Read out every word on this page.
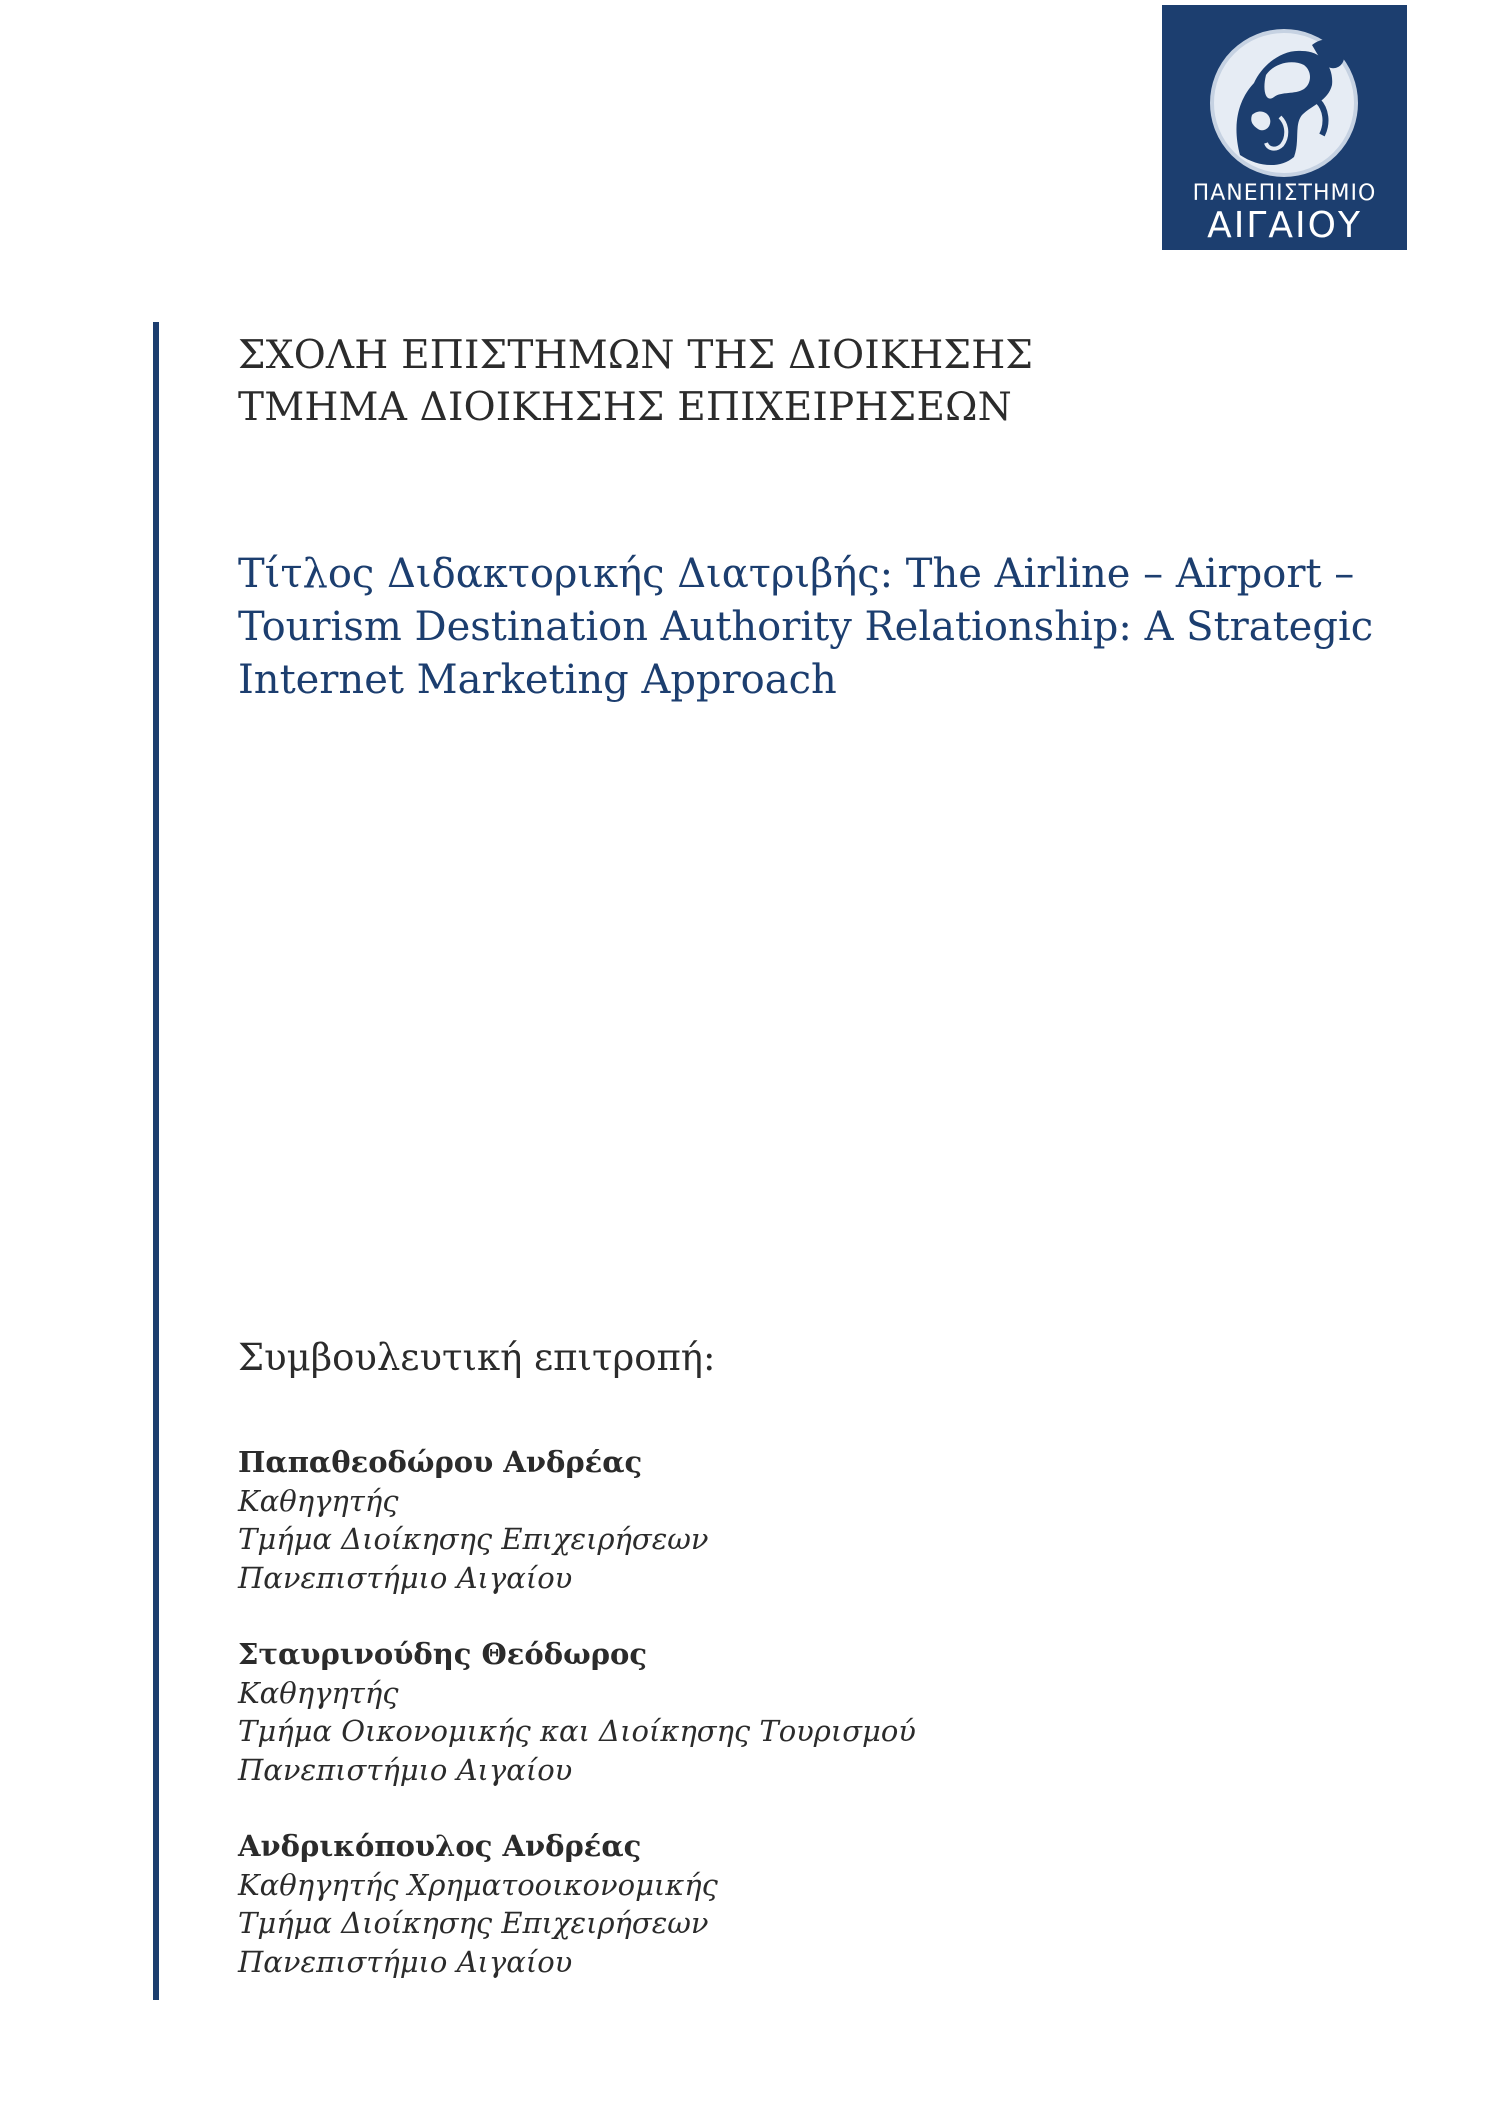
ΠΑΝΕΠΙΣΤΗΜΙΟ
ΑΙΓΑΙΟΥ
ΣΧΟΛΗ ΕΠΙΣΤΗΜΩΝ ΤΗΣ ΔΙΟΙΚΗΣΗΣ
ΤΜΗΜΑ ΔΙΟΙΚΗΣΗΣ ΕΠΙΧΕΙΡΗΣΕΩΝ
Τίτλος Διδακτορικής Διατριβής: The Airline – Airport – Tourism Destination Authority Relationship: A Strategic Internet Marketing Approach
Συμβουλευτική επιτροπή:
Παπαθεοδώρου Ανδρέας
Καθηγητής
Τμήμα Διοίκησης Επιχειρήσεων
Πανεπιστήμιο Αιγαίου
Σταυρινούδης Θεόδωρος
Καθηγητής
Τμήμα Οικονομικής και Διοίκησης Τουρισμού
Πανεπιστήμιο Αιγαίου
Ανδρικόπουλος Ανδρέας
Καθηγητής Χρηματοοικονομικής
Τμήμα Διοίκησης Επιχειρήσεων
Πανεπιστήμιο Αιγαίου
